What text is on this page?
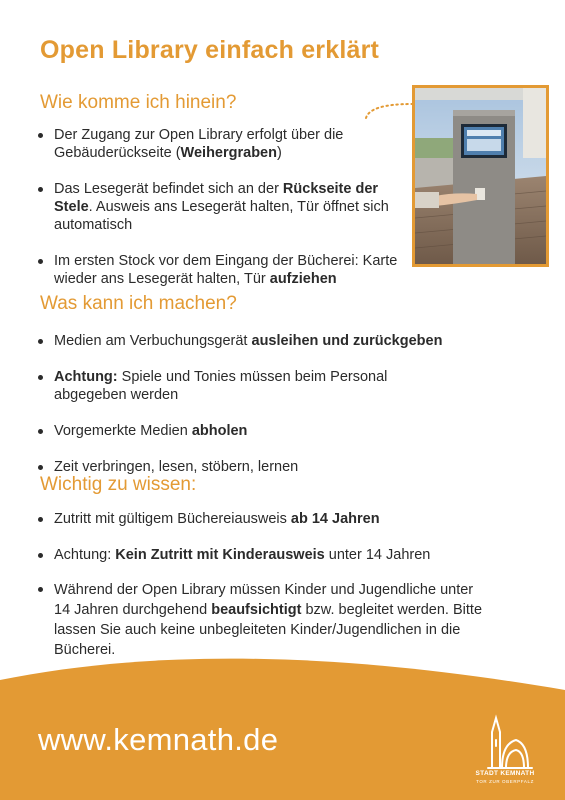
Open Library einfach erklärt
Wie komme ich hinein?
Der Zugang zur Open Library erfolgt über die Gebäuderückseite (Weihergraben)
Das Lesegerät befindet sich an der Rückseite der Stele. Ausweis ans Lesegerät halten, Tür öffnet sich automatisch
Im ersten Stock vor dem Eingang der Bücherei: Karte wieder ans Lesegerät halten, Tür aufziehen
Was kann ich machen?
Medien am Verbuchungsgerät ausleihen und zurückgeben
Achtung: Spiele und Tonies müssen beim Personal abgegeben werden
Vorgemerkte Medien abholen
Zeit verbringen, lesen, stöbern, lernen
Wichtig zu wissen:
Zutritt mit gültigem Büchereiausweis ab 14 Jahren
Achtung: Kein Zutritt mit Kinderausweis unter 14 Jahren
Während der Open Library müssen Kinder und Jugendliche unter 14 Jahren durchgehend beaufsichtigt bzw. begleitet werden. Bitte lassen Sie auch keine unbegleiteten Kinder/Jugendlichen in die Bücherei.
www.kemnath.de
STADT KEMNATH
TOR ZUR OBERPFALZ
